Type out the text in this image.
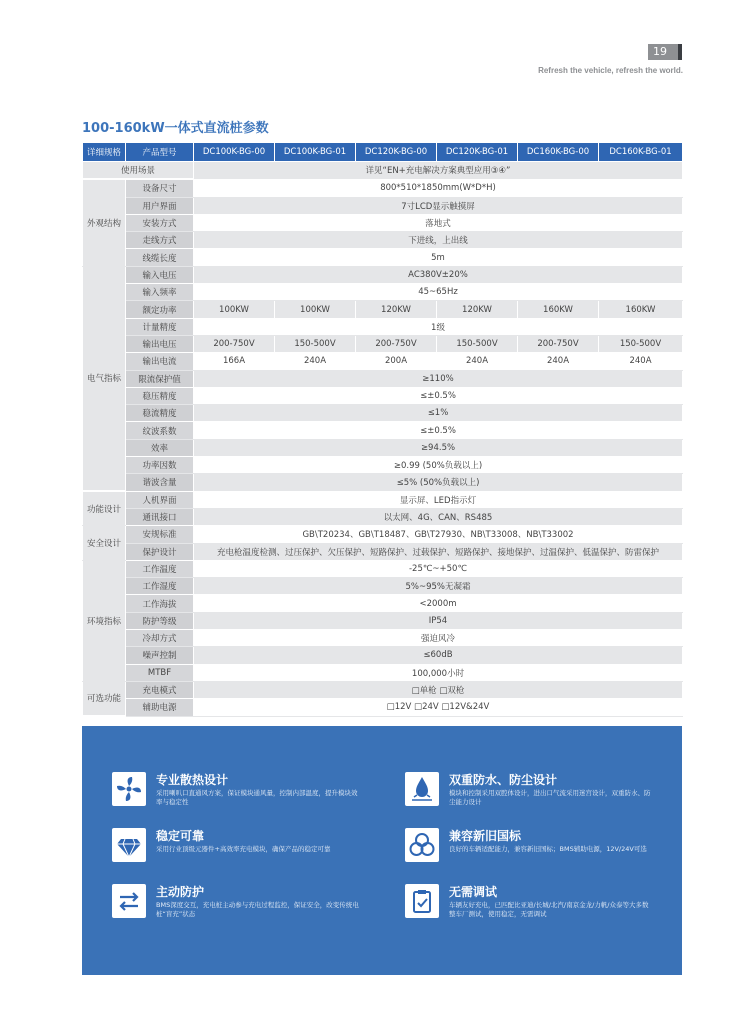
19
Refresh the vehicle, refresh the world.
100-160kW一体式直流桩参数
详细规格	产品型号	DC100K-BG-00	DC100K-BG-01	DC120K-BG-00	DC120K-BG-01	DC160K-BG-00	DC160K-BG-01
使用场景		详见“EN+充电解决方案典型应用③④”					
外观结构	设备尺寸	800*510*1850mm(W*D*H)					
	用户界面	7寸LCD显示触摸屏					
	安装方式	落地式					
	走线方式	下进线，上出线					
	线缆长度	5m					
电气指标	输入电压	AC380V±20%					
	输入频率	45~65Hz					
	额定功率	100KW	100KW	120KW	120KW	160KW	160KW
	计量精度	1级					
	输出电压	200-750V	150-500V	200-750V	150-500V	200-750V	150-500V
	输出电流	166A	240A	200A	240A	240A	240A
	限流保护值	≥110%					
	稳压精度	≤±0.5%					
	稳流精度	≤1%					
	纹波系数	≤±0.5%					
	效率	≥94.5%					
	功率因数	≥0.99 (50%负载以上)					
	谐波含量	≤5% (50%负载以上)					
功能设计	人机界面	显示屏、LED指示灯					
	通讯接口	以太网、4G、CAN、RS485					
安全设计	安规标准	GB\T20234、GB\T18487、GB\T27930、NB\T33008、NB\T33002					
	保护设计	充电枪温度检测、过压保护、欠压保护、短路保护、过载保护、短路保护、接地保护、过温保护、低温保护、防雷保护					
环境指标	工作温度	-25℃~+50℃					
	工作湿度	5%~95%无凝霜					
	工作海拔	<2000m					
	防护等级	IP54					
	冷却方式	强迫风冷					
	噪声控制	≤60dB					
	MTBF	100,000小时					
可选功能	充电模式	□单枪 □双枪					
	辅助电源	□12V □24V □12V&24V					
专业散热设计
采用喇叭口直通风方案，保证模块通风量，控制内部温度，提升模块效率与稳定性
双重防水、防尘设计
模块和控制采用双腔体设计，进出口气流采用迷宫设计，双重防水、防尘能力设计
稳定可靠
采用行业顶级元器件+高效率充电模块，确保产品的稳定可靠
兼容新旧国标
良好的车辆适配能力，兼容新旧国标；BMS辅助电源，12V/24V可选
主动防护
BMS深度交互，充电桩主动参与充电过程监控，保证安全，改变传统电桩“盲充”状态
无需调试
车辆友好充电，已匹配比亚迪/长城/北汽/南京金龙/力帆/众泰等大多数整车厂测试，使用稳定，无需调试
